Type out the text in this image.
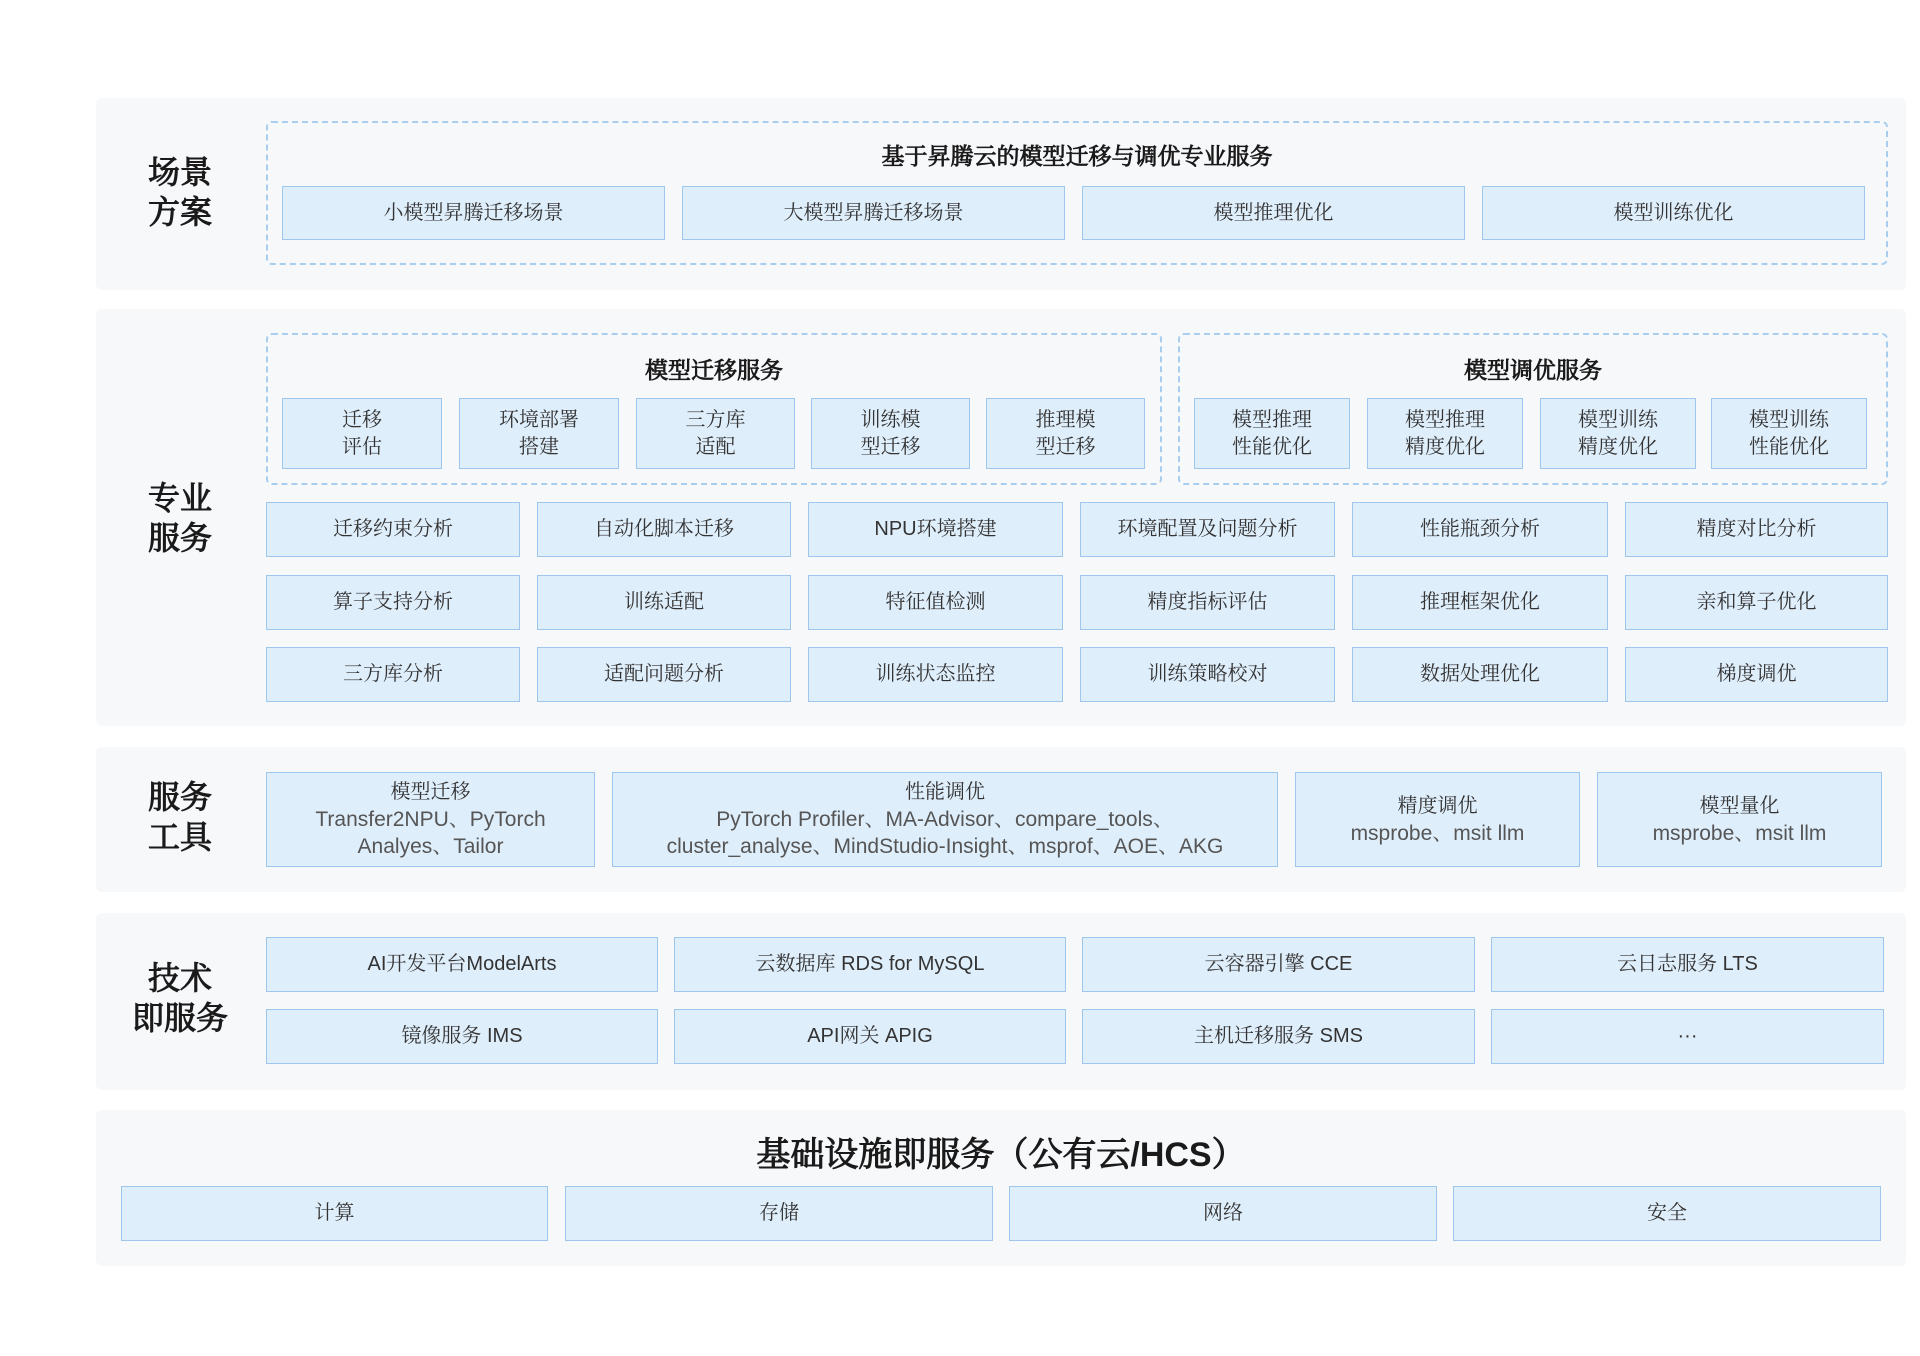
场景
方案
基于昇腾云的模型迁移与调优专业服务
小模型昇腾迁移场景	大模型昇腾迁移场景	模型推理优化	模型训练优化
专业
服务
模型迁移服务
迁移
评估
环境部署
搭建
三方库
适配
训练模
型迁移
推理模
型迁移
模型调优服务
模型推理
性能优化
模型推理
精度优化
模型训练
精度优化
模型训练
性能优化
迁移约束分析	自动化脚本迁移	NPU环境搭建	环境配置及问题分析	性能瓶颈分析	精度对比分析
算子支持分析	训练适配	特征值检测	精度指标评估	推理框架优化	亲和算子优化
三方库分析	适配问题分析	训练状态监控	训练策略校对	数据处理优化	梯度调优
服务
工具
模型迁移
Transfer2NPU、PyTorch
Analyes、Tailor
性能调优
PyTorch Profiler、MA-Advisor、compare_tools、
cluster_analyse、MindStudio-Insight、msprof、AOE、AKG
精度调优
msprobe、msit llm
模型量化
msprobe、msit llm
技术
即服务
AI开发平台ModelArts	云数据库 RDS for MySQL	云容器引擎 CCE	云日志服务 LTS
镜像服务 IMS	API网关 APIG	主机迁移服务 SMS	···
基础设施即服务（公有云/HCS）
计算	存储	网络	安全
